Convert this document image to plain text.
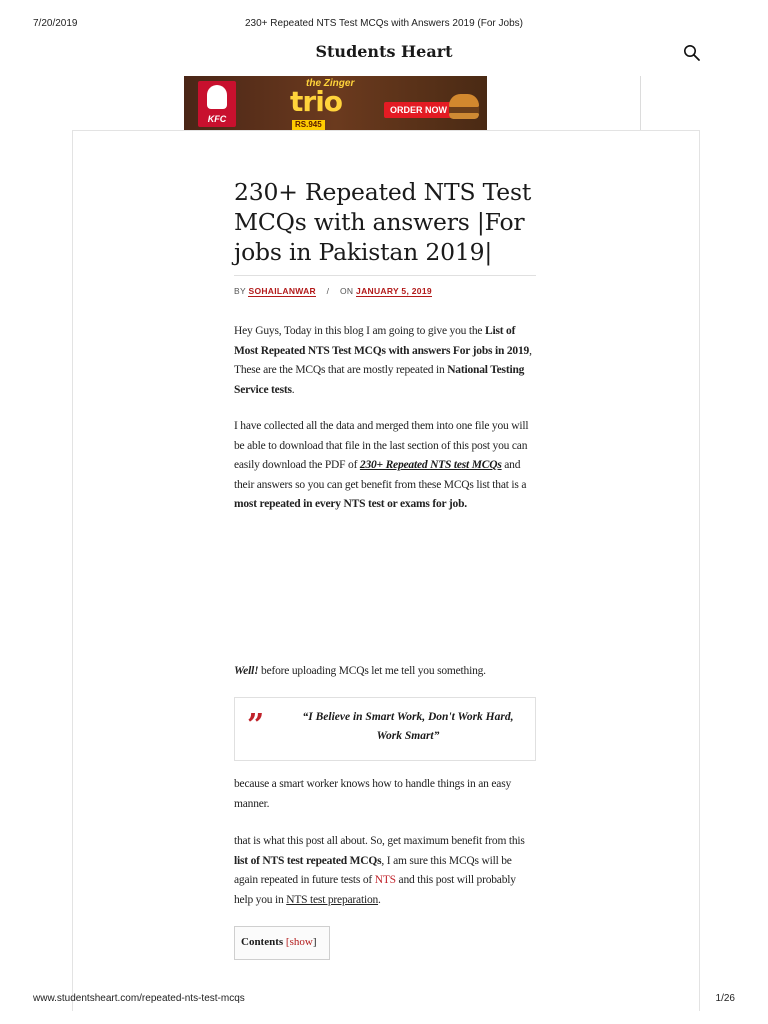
7/20/2019	230+ Repeated NTS Test MCQs with Answers 2019 (For Jobs)
Students Heart
KFC
the Zinger
trio
RS.945
ORDER NOW
230+ Repeated NTS Test MCQs with answers |For jobs in Pakistan 2019|
BY SOHAILANWAR / ON JANUARY 5, 2019

Hey Guys, Today in this blog I am going to give you the List of Most Repeated NTS Test MCQs with answers For jobs in 2019, These are the MCQs that are mostly repeated in National Testing Service tests.

I have collected all the data and merged them into one file you will be able to download that file in the last section of this post you can easily download the PDF of 230+ Repeated NTS test MCQs and their answers so you can get benefit from these MCQs list that is a most repeated in every NTS test or exams for job.

Well! before uploading MCQs let me tell you something.

”	“I Believe in Smart Work, Don't Work Hard, Work Smart”

because a smart worker knows how to handle things in an easy manner.

that is what this post all about. So, get maximum benefit from this list of NTS test repeated MCQs, I am sure this MCQs will be again repeated in future tests of NTS and this post will probably help you in NTS test preparation.

Contents [show]
www.studentsheart.com/repeated-nts-test-mcqs	1/26
